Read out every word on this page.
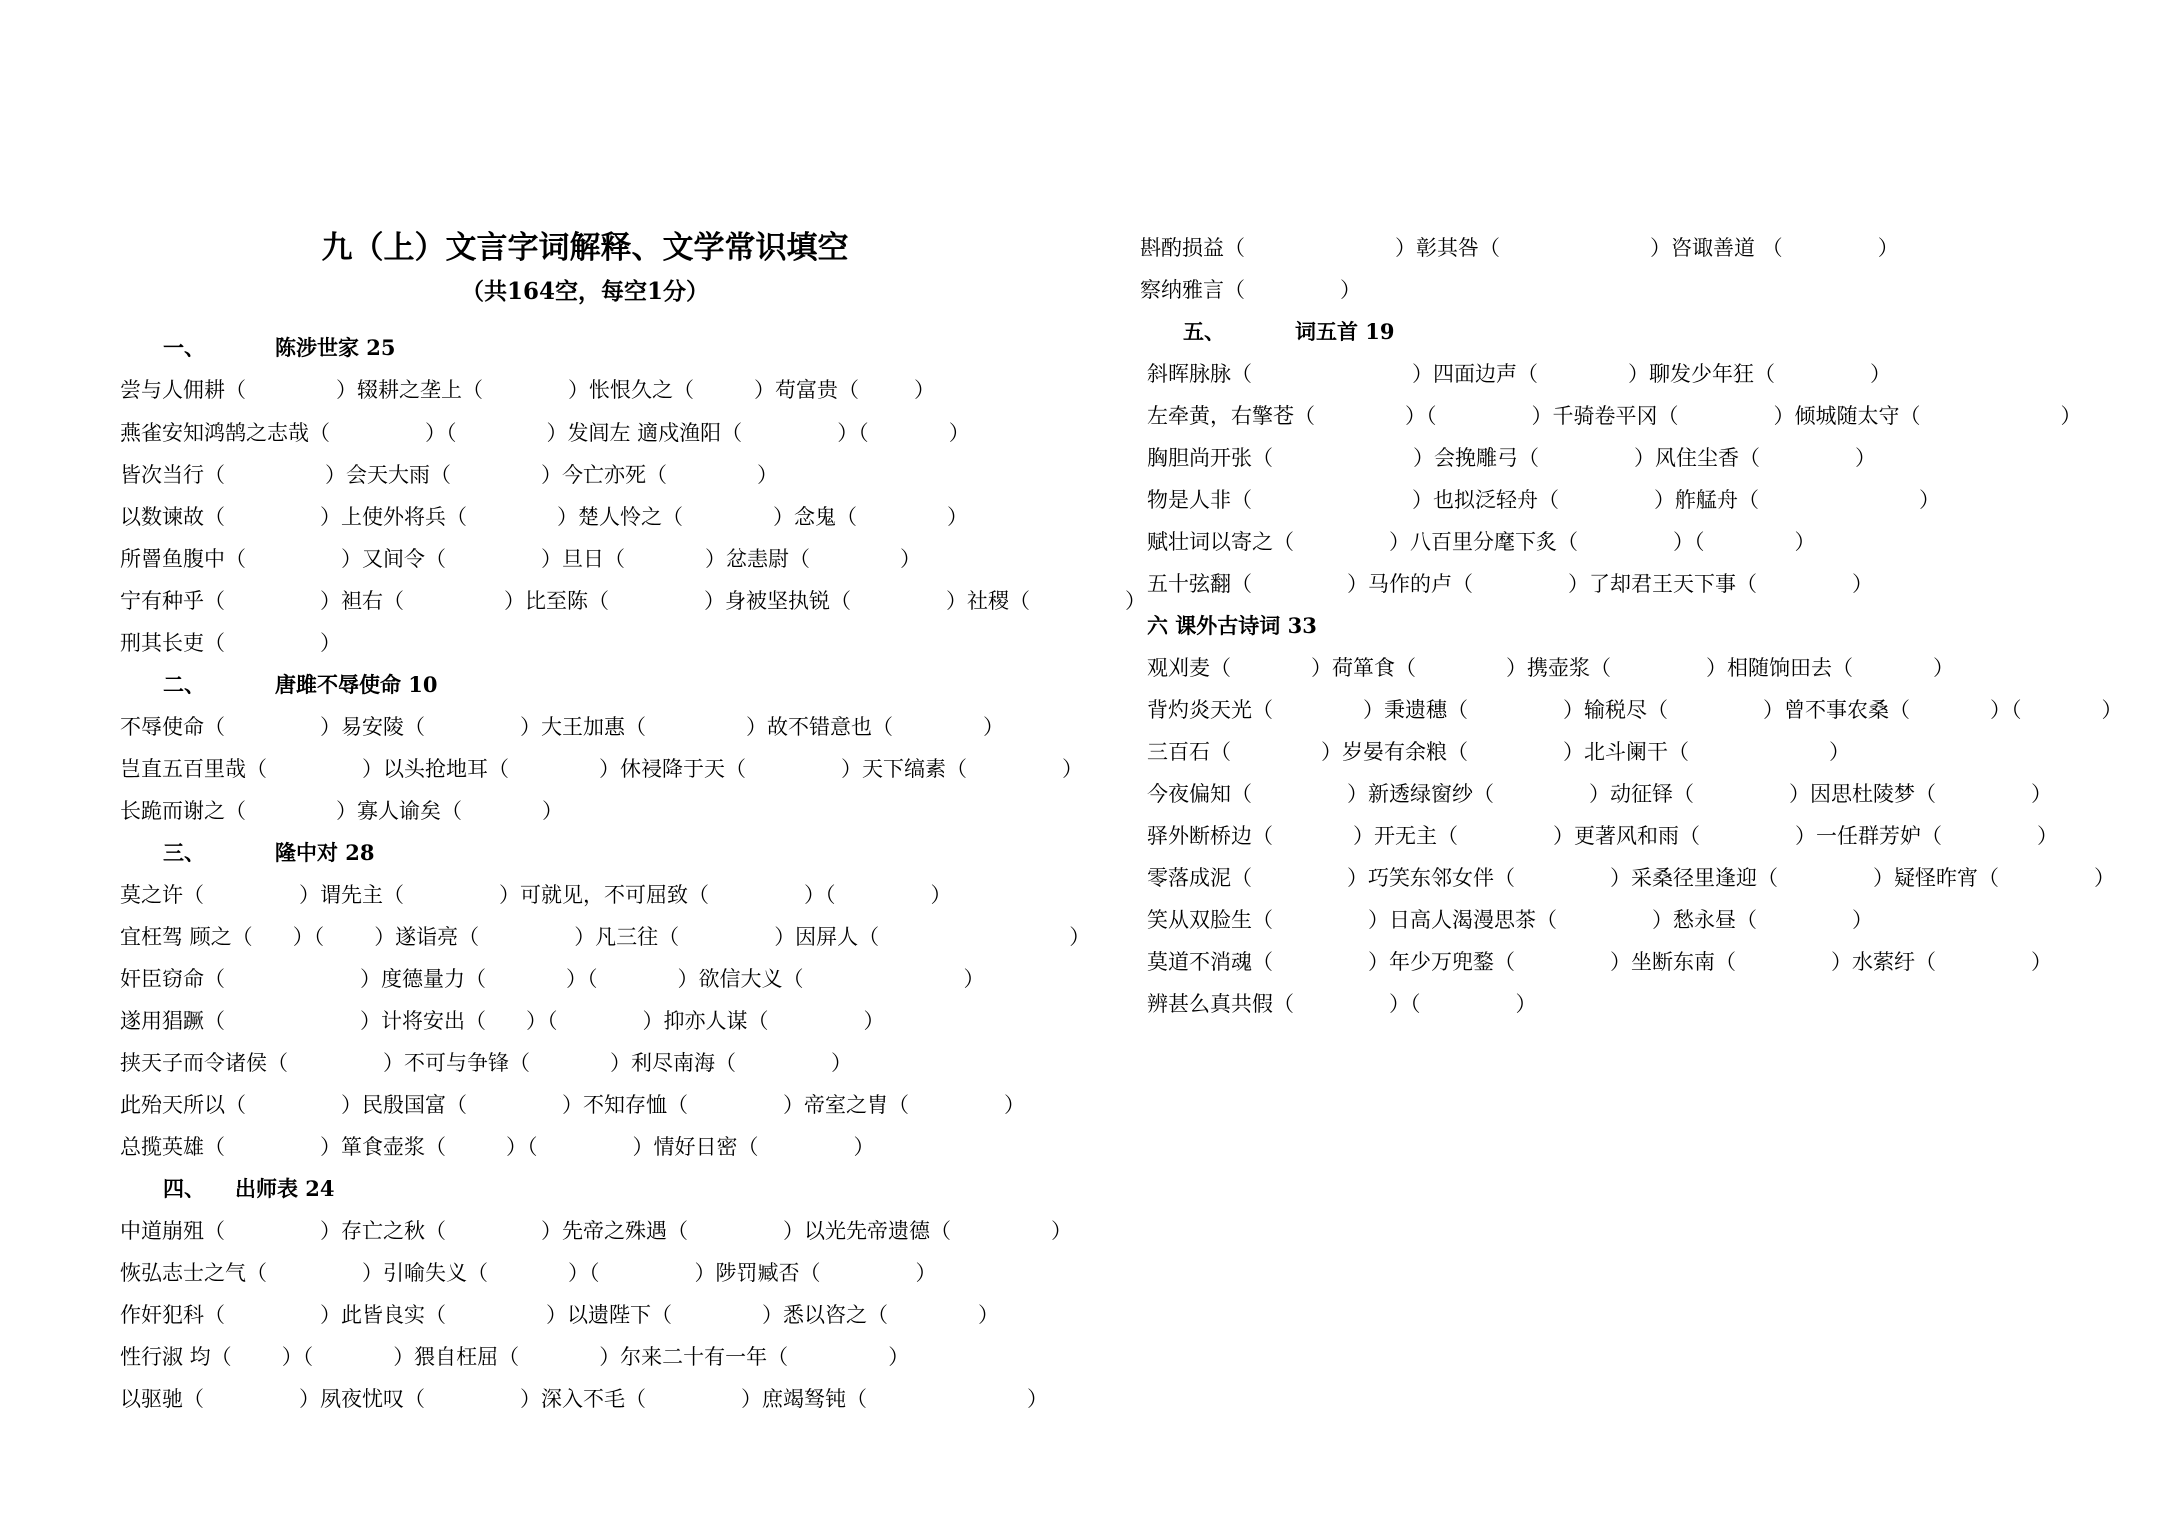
九（上）文言字词解释、文学常识填空
（共164空，每空1分）
一、	陈涉世家 25
尝与人佣耕（	）辍耕之垄上（	）怅恨久之（	）苟富贵（	）
燕雀安知鸿鹄之志哉（	）（	）发闾左 適戍渔阳（	）（	）
皆次当行（	）会天大雨（	）今亡亦死（	）
以数谏故（	）上使外将兵（	）楚人怜之（	）念鬼（	）
所罾鱼腹中（	）又间令（	）旦日（	）忿恚尉（	）
宁有种乎（	）袒右（	）比至陈（	）身被坚执锐（	）社稷（	）
刑其长吏（	）
二、	唐雎不辱使命 10
不辱使命（	）易安陵（	）大王加惠（	）故不错意也（	）
岂直五百里哉（	）以头抢地耳（	）休祲降于天（	）天下缟素（	）
长跪而谢之（	）寡人谕矣（	）
三、	隆中对 28
莫之许（	）谓先主（	）可就见，不可屈致（	）（	）
宜枉驾 顾之（ ）（ ）遂诣亮（	）凡三往（	）因屏人（	）
奸臣窃命（	）度德量力（	）（	）欲信大义（	）
遂用猖蹶（	）计将安出（ ）（	）抑亦人谋（	）
挟天子而令诸侯（	）不可与争锋（	）利尽南海（	）
此殆天所以（	）民殷国富（	）不知存恤（	）帝室之胄（	）
总揽英雄（	）箪食壶浆（	）（	）情好日密（	）
四、 出师表 24
中道崩殂（	）存亡之秋（	）先帝之殊遇（	）以光先帝遗德（	）
恢弘志士之气（	）引喻失义（	）（	）陟罚臧否（	）
作奸犯科（	）此皆良实（	）以遗陛下（	）悉以咨之（	）
性行淑 均（ ）（	）猥自枉屈（	）尔来二十有一年（	）
以驱驰（	）夙夜忧叹（	）深入不毛（	）庶竭驽钝（	）
斟酌损益（	）彰其咎（	）咨诹善道 （	）
察纳雅言（	）
五、	词五首 19
斜晖脉脉（	）四面边声（	）聊发少年狂（	）
左牵黄，右擎苍（	）（	）千骑卷平冈（	）倾城随太守（	）
胸胆尚开张（	）会挽雕弓（	）风住尘香（	）
物是人非（	）也拟泛轻舟（	）舴艋舟（	）
赋壮词以寄之（	）八百里分麾下炙（	）（	）
五十弦翻（	）马作的卢（	）了却君王天下事（	）
六 课外古诗词 33
观刈麦（	）荷箪食（	）携壶浆（	）相随饷田去（	）
背灼炎天光（	）秉遗穗（	）输税尽（	）曾不事农桑（	）（	）
三百石（	）岁晏有余粮（	）北斗阑干（	）
今夜偏知（	）新透绿窗纱（	）动征铎（	）因思杜陵梦（	）
驿外断桥边（	）开无主（	）更著风和雨（	）一任群芳妒（	）
零落成泥（	）巧笑东邻女伴（	）采桑径里逢迎（	）疑怪昨宵（	）
笑从双脸生（	）日高人渴漫思茶（	）愁永昼（	）
莫道不消魂（	）年少万兜鍪（	）坐断东南（	）水萦纡（	）
辨甚么真共假（	）（	）
